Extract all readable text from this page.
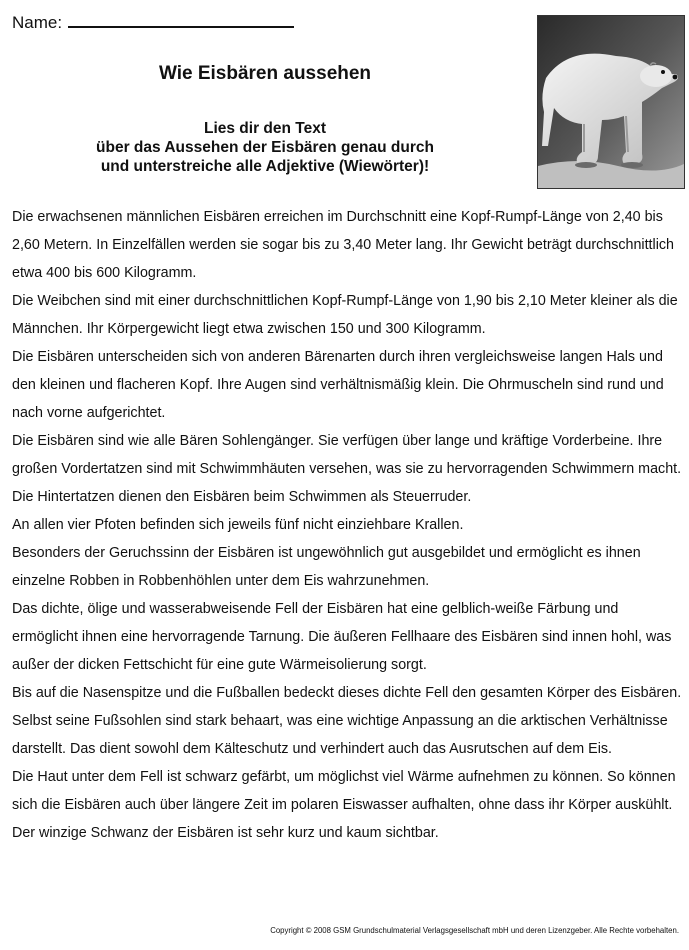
Name:
Wie Eisbären aussehen
Lies dir den Text
über das Aussehen der Eisbären genau durch
und unterstreiche alle Adjektive (Wiewörter)!

Die erwachsenen männlichen Eisbären erreichen im Durchschnitt eine Kopf-Rumpf-Länge von 2,40 bis 2,60 Metern. In Einzelfällen werden sie sogar bis zu 3,40 Meter lang. Ihr Gewicht beträgt durchschnittlich etwa 400 bis 600 Kilogramm.

Die Weibchen sind mit einer durchschnittlichen Kopf-Rumpf-Länge von 1,90 bis 2,10 Meter kleiner als die Männchen. Ihr Körpergewicht liegt etwa zwischen 150 und 300 Kilogramm.

Die Eisbären unterscheiden sich von anderen Bärenarten durch ihren vergleichsweise langen Hals und den kleinen und flacheren Kopf. Ihre Augen sind verhältnismäßig klein. Die Ohrmuscheln sind rund und nach vorne aufgerichtet.

Die Eisbären sind wie alle Bären Sohlengänger. Sie verfügen über lange und kräftige Vorderbeine. Ihre großen Vordertatzen sind mit Schwimmhäuten versehen, was sie zu hervorragenden Schwimmern macht. Die Hintertatzen dienen den Eisbären beim Schwimmen als Steuerruder.

An allen vier Pfoten befinden sich jeweils fünf nicht einziehbare Krallen.

Besonders der Geruchssinn der Eisbären ist ungewöhnlich gut ausgebildet und ermöglicht es ihnen einzelne Robben in Robbenhöhlen unter dem Eis wahrzunehmen.

Das dichte, ölige und wasserabweisende Fell der Eisbären hat eine gelblich-weiße Färbung und ermöglicht ihnen eine hervorragende Tarnung. Die äußeren Fellhaare des Eisbären sind innen hohl, was außer der dicken Fettschicht für eine gute Wärmeisolierung sorgt.

Bis auf die Nasenspitze und die Fußballen bedeckt dieses dichte Fell den gesamten Körper des Eisbären. Selbst seine Fußsohlen sind stark behaart, was eine wichtige Anpassung an die arktischen Verhältnisse darstellt. Das dient sowohl dem Kälteschutz und verhindert auch das Ausrutschen auf dem Eis.

Die Haut unter dem Fell ist schwarz gefärbt, um möglichst viel Wärme aufnehmen zu können. So können sich die Eisbären auch über längere Zeit im polaren Eiswasser aufhalten, ohne dass ihr Körper auskühlt.

Der winzige Schwanz der Eisbären ist sehr kurz und kaum sichtbar.

Copyright © 2008 GSM Grundschulmaterial Verlagsgesellschaft mbH und deren Lizenzgeber. Alle Rechte vorbehalten.
